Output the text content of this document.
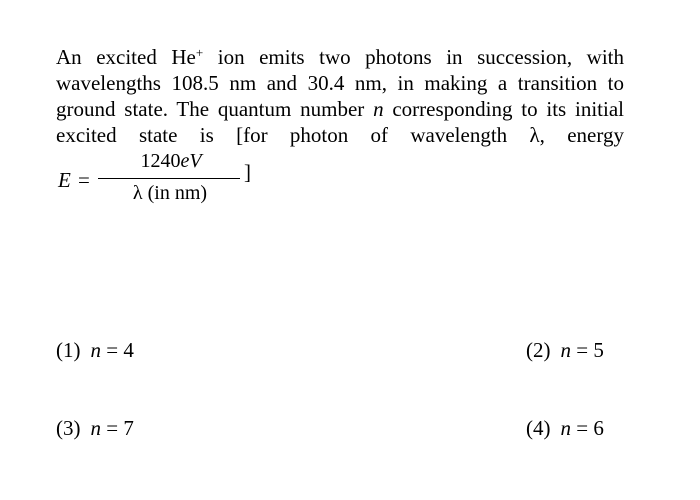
An excited He+ ion emits two photons in succession, with
wavelengths 108.5 nm and 30.4 nm, in making a transition to
ground state. The quantum number n corresponding to its initial
excited state is [for photon of wavelength λ, energy
E =
1240eV
λ (in nm)
]
(1) n = 4	(2) n = 5
(3) n = 7	(4) n = 6
